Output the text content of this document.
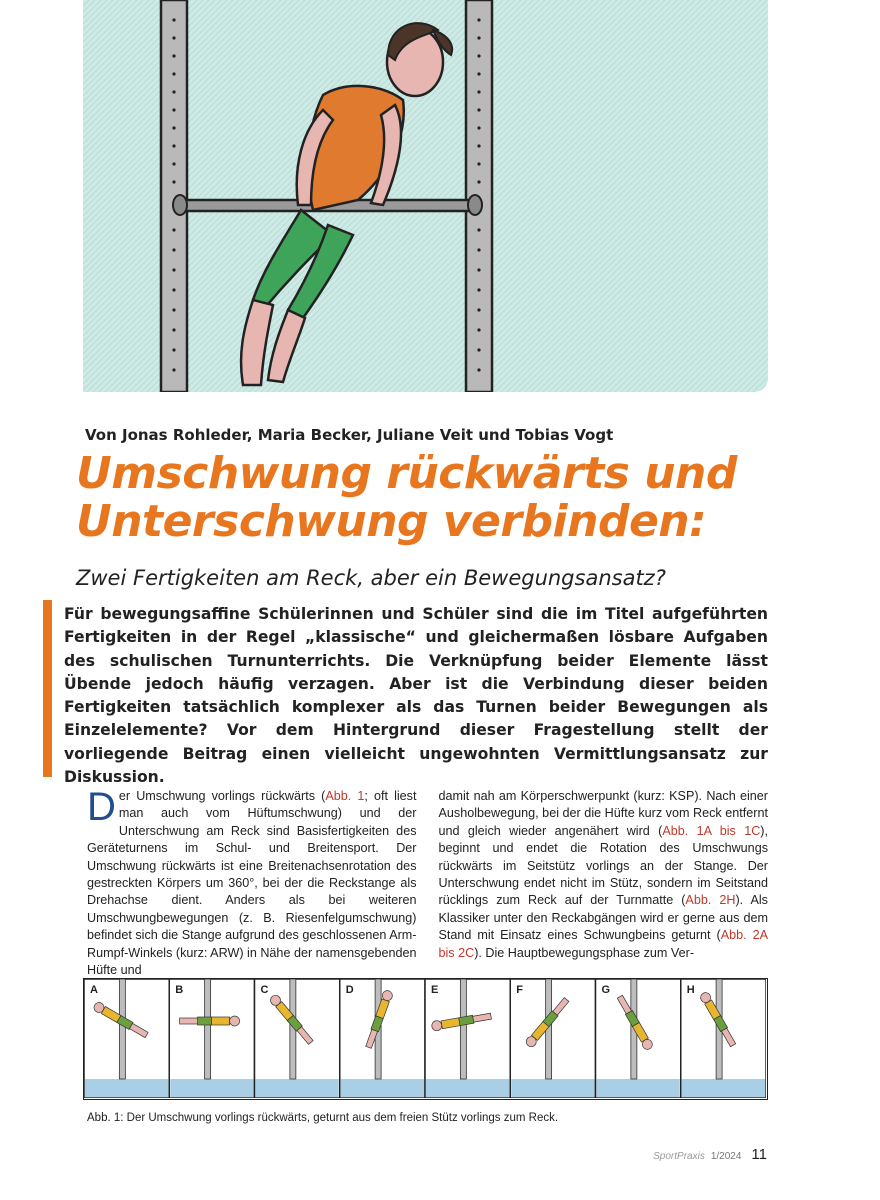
Von Jonas Rohleder, Maria Becker, Juliane Veit und Tobias Vogt
Umschwung rückwärts und
Unterschwung verbinden:
Zwei Fertigkeiten am Reck, aber ein Bewegungsansatz?

Für bewegungsaffine Schülerinnen und Schüler sind die im Titel aufgeführten Fertigkeiten in der Regel „klassische“ und gleichermaßen lösbare Aufgaben des schulischen Turnunterrichts. Die Verknüpfung beider Elemente lässt Übende jedoch häufig verzagen. Aber ist die Verbindung dieser beiden Fertigkeiten tatsächlich komplexer als das Turnen beider Bewegungen als Einzelelemente? Vor dem Hintergrund dieser Fragestellung stellt der vorliegende Beitrag einen vielleicht ungewohnten Vermittlungsansatz zur Diskussion.

Der Umschwung vorlings rückwärts (Abb. 1; oft liest man auch vom Hüftumschwung) und der Unterschwung am Reck sind Basisfertigkeiten des Geräteturnens im Schul- und Breitensport. Der Umschwung rückwärts ist eine Breitenachsenrotation des gestreckten Körpers um 360°, bei der die Reckstange als Drehachse dient. Anders als bei weiteren Umschwungbewegungen (z. B. Riesenfelgumschwung) befindet sich die Stange aufgrund des geschlossenen Arm-Rumpf-Winkels (kurz: ARW) in Nähe der namensgebenden Hüfte und

damit nah am Körperschwerpunkt (kurz: KSP). Nach einer Ausholbewegung, bei der die Hüfte kurz vom Reck entfernt und gleich wieder angenähert wird (Abb. 1A bis 1C), beginnt und endet die Rotation des Umschwungs rückwärts im Seitstütz vorlings an der Stange. Der Unterschwung endet nicht im Stütz, sondern im Seitstand rücklings zum Reck auf der Turnmatte (Abb. 2H). Als Klassiker unter den Reckabgängen wird er gerne aus dem Stand mit Einsatz eines Schwungbeins geturnt (Abb. 2A bis 2C). Die Hauptbewegungsphase zum Ver-

A	B	C	D	E	F	G	H
Abb. 1: Der Umschwung vorlings rückwärts, geturnt aus dem freien Stütz vorlings zum Reck.
SportPraxis 1/2024 11
